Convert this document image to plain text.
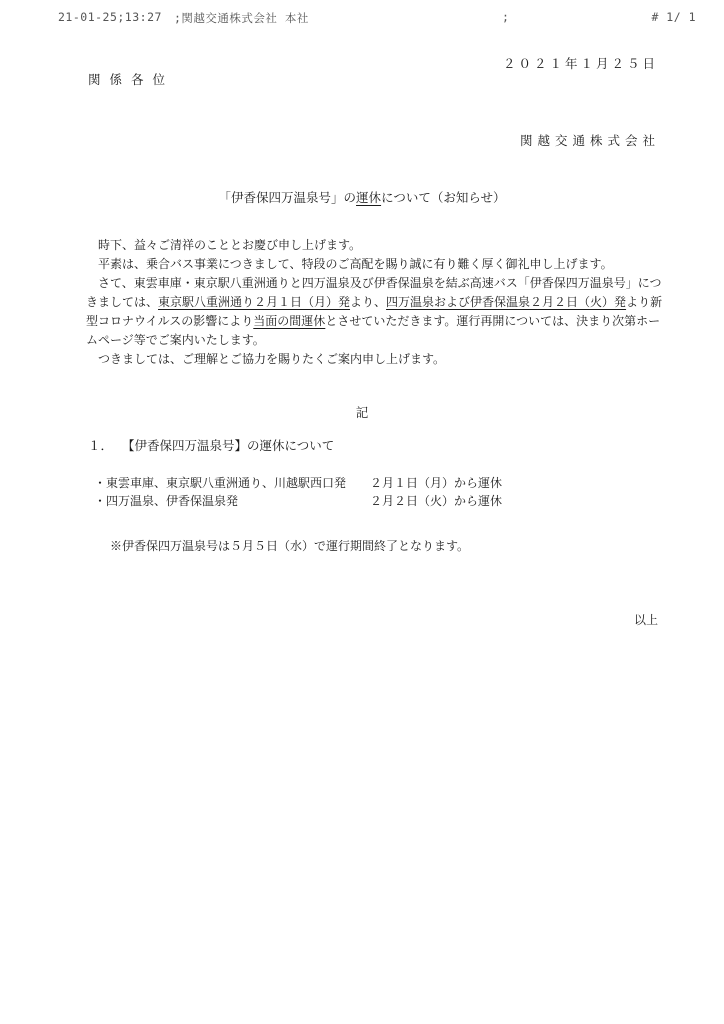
21-01-25;13:27 ;関越交通株式会社 本社	;	# 1/ 1
２０２１年１月２５日
関係各位
関越交通株式会社
「伊香保四万温泉号」の運休について（お知らせ）

時下、益々ご清祥のこととお慶び申し上げます。

平素は、乗合バス事業につきまして、特段のご高配を賜り誠に有り難く厚く御礼申し上げます。

さて、東雲車庫・東京駅八重洲通りと四万温泉及び伊香保温泉を結ぶ高速バス「伊香保四万温泉号」につきましては、東京駅八重洲通り２月１日（月）発より、四万温泉および伊香保温泉２月２日（火）発より新型コロナウイルスの影響により当面の間運休とさせていただきます。運行再開については、決まり次第ホームページ等でご案内いたします。

つきましては、ご理解とご協力を賜りたくご案内申し上げます。

記
１． 【伊香保四万温泉号】の運休について
・東雲車庫、東京駅八重洲通り、川越駅西口発 ２月１日（月）から運休
・四万温泉、伊香保温泉発	２月２日（火）から運休
※伊香保四万温泉号は５月５日（水）で運行期間終了となります。
以上
